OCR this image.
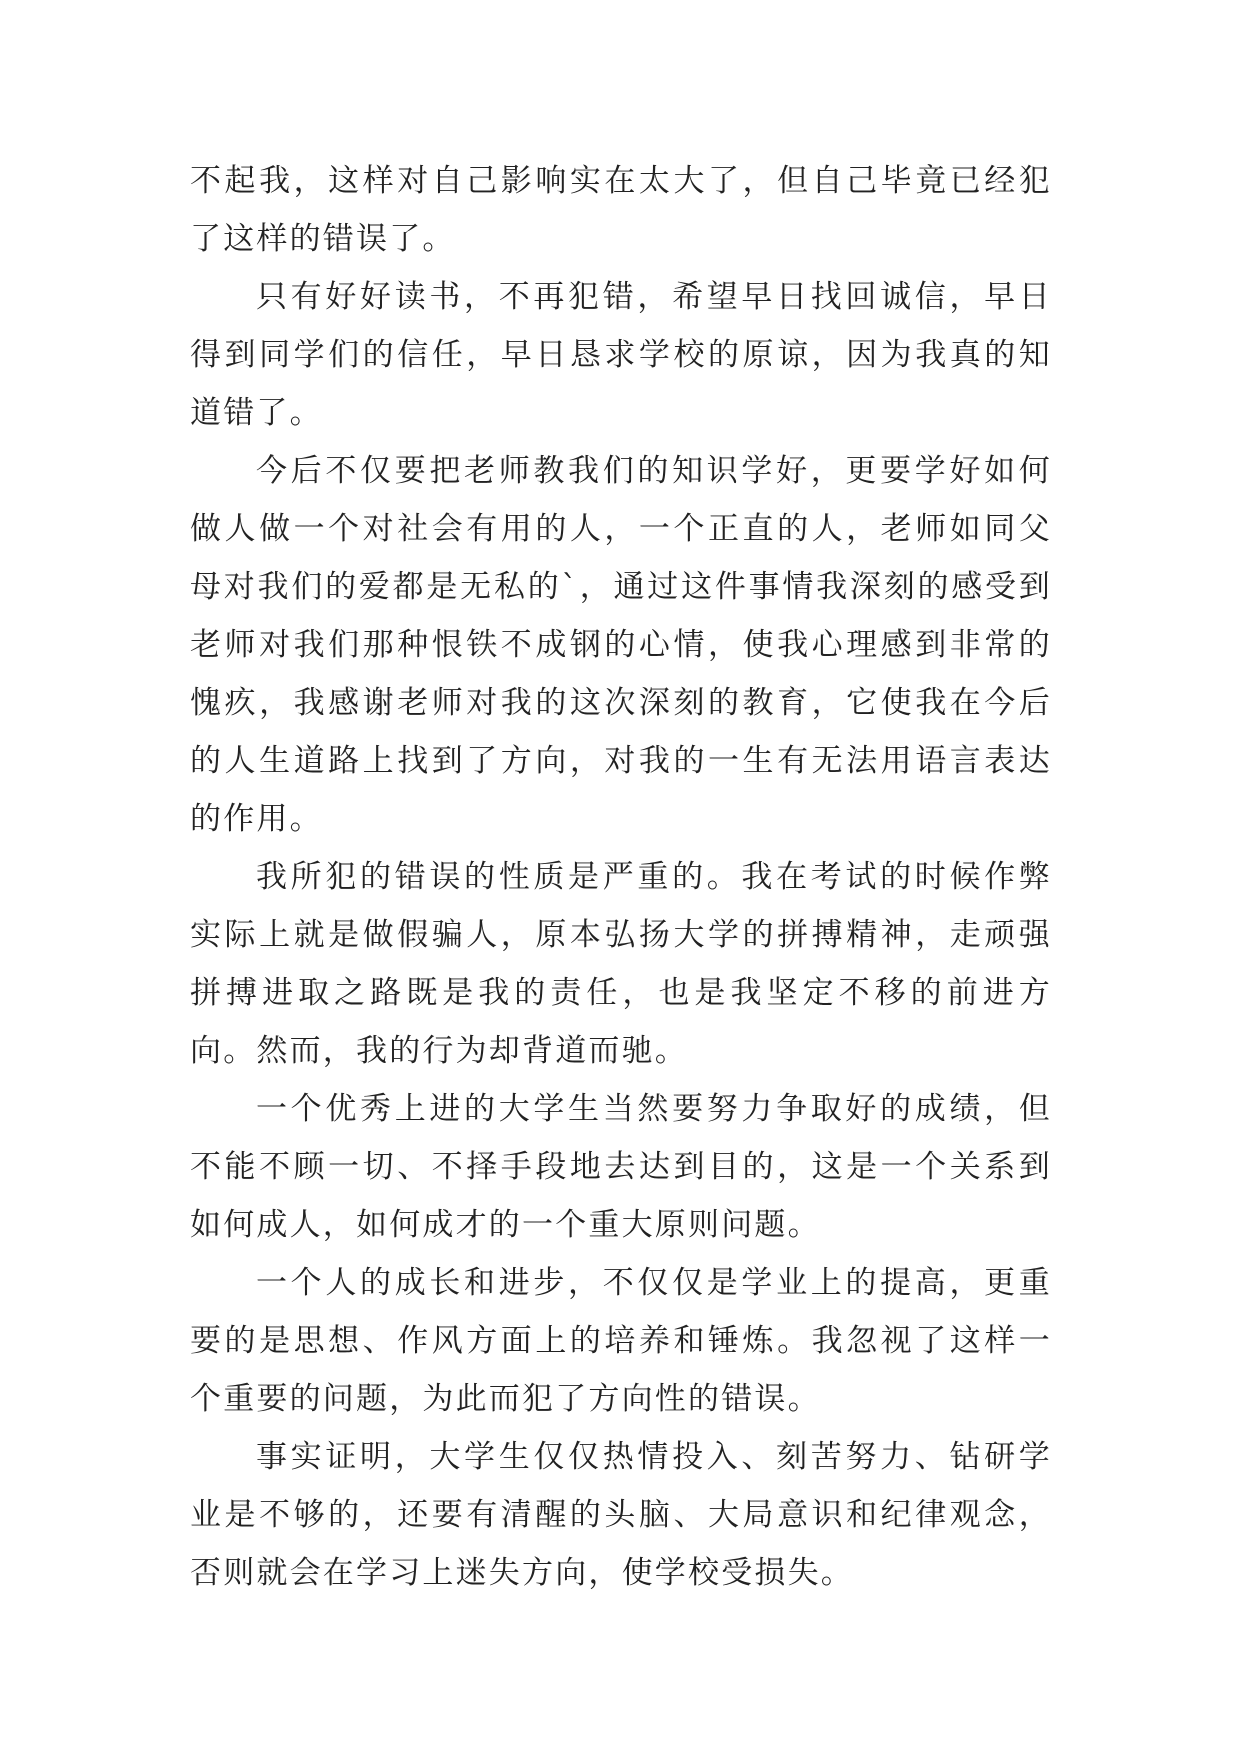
不起我，这样对自己影响实在太大了，但自己毕竟已经犯了这样的错误了。

只有好好读书，不再犯错，希望早日找回诚信，早日得到同学们的信任，早日恳求学校的原谅，因为我真的知道错了。

今后不仅要把老师教我们的知识学好，更要学好如何做人做一个对社会有用的人，一个正直的人，老师如同父母对我们的爱都是无私的`，通过这件事情我深刻的感受到老师对我们那种恨铁不成钢的心情，使我心理感到非常的愧疚，我感谢老师对我的这次深刻的教育，它使我在今后的人生道路上找到了方向，对我的一生有无法用语言表达的作用。

我所犯的错误的性质是严重的。我在考试的时候作弊实际上就是做假骗人，原本弘扬大学的拼搏精神，走顽强拼搏进取之路既是我的责任，也是我坚定不移的前进方向。然而，我的行为却背道而驰。

一个优秀上进的大学生当然要努力争取好的成绩，但不能不顾一切、不择手段地去达到目的，这是一个关系到如何成人，如何成才的一个重大原则问题。

一个人的成长和进步，不仅仅是学业上的提高，更重要的是思想、作风方面上的培养和锤炼。我忽视了这样一个重要的问题，为此而犯了方向性的错误。

事实证明，大学生仅仅热情投入、刻苦努力、钻研学业是不够的，还要有清醒的头脑、大局意识和纪律观念，否则就会在学习上迷失方向，使学校受损失。
